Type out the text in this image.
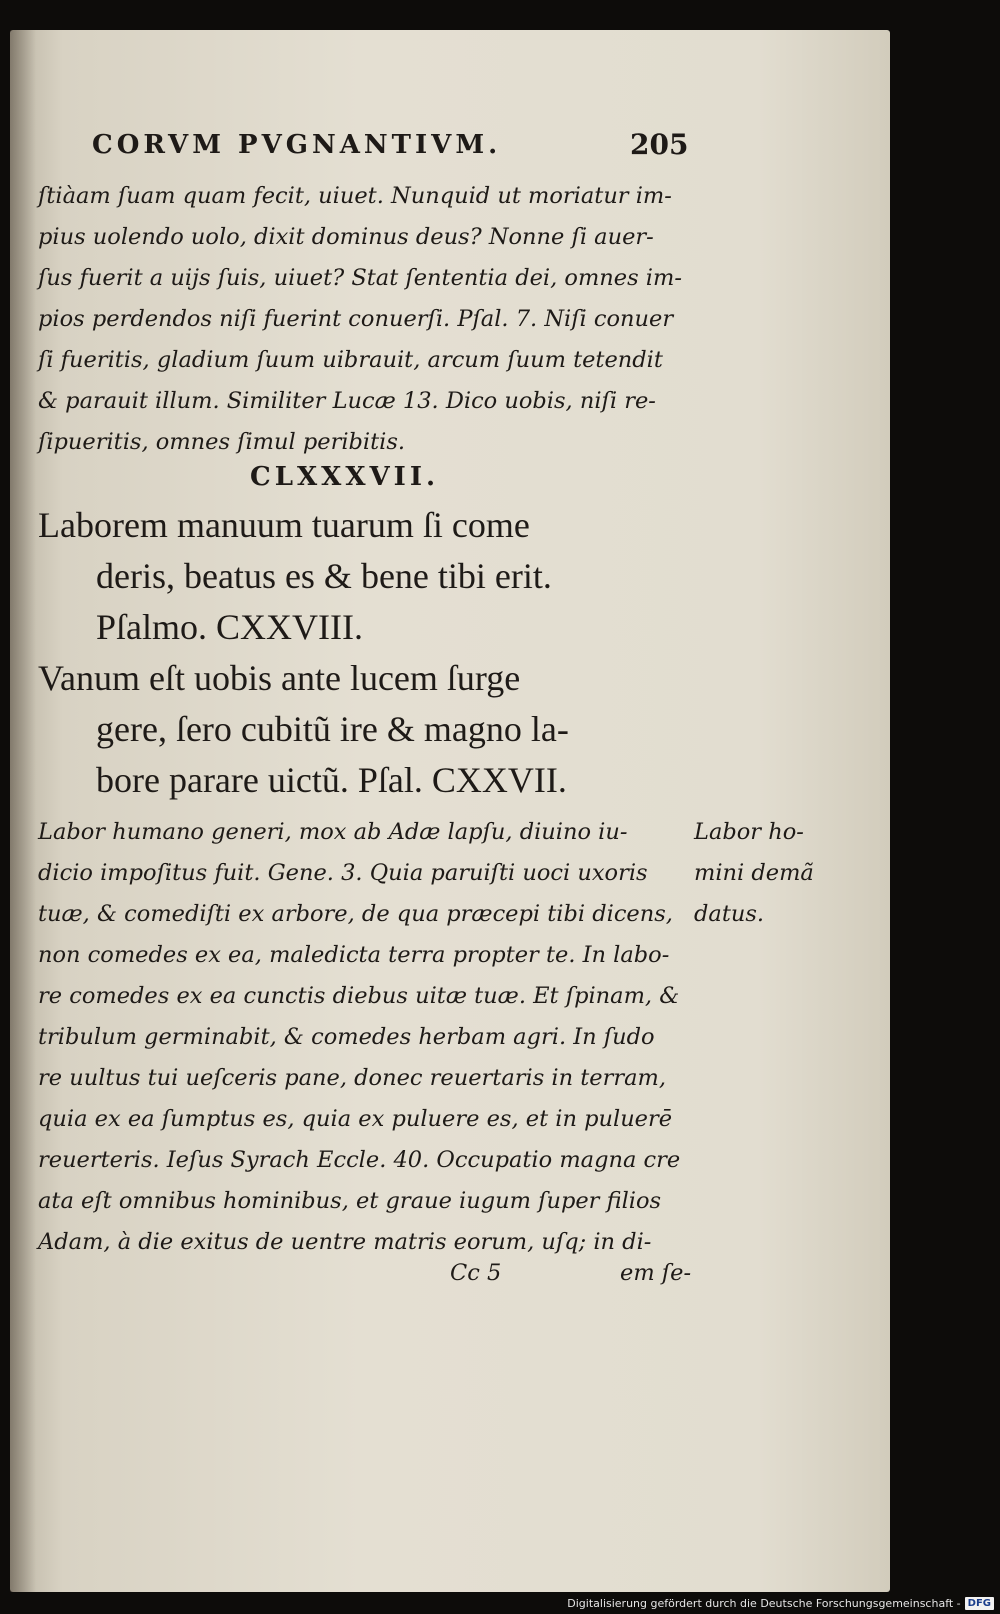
CORVM PVGNANTIVM.	205
ſtiàam ſuam quam fecit, uiuet. Nunquid ut moriatur im-
pius uolendo uolo, dixit dominus deus? Nonne ſi auer-
ſus fuerit a uijs ſuis, uiuet? Stat ſententia dei, omnes im-
pios perdendos niſi fuerint conuerſi. Pſal. 7. Niſi conuer
ſi fueritis, gladium ſuum uibrauit, arcum ſuum tetendit
& parauit illum. Similiter Lucæ 13. Dico uobis, niſi re-
ſipueritis, omnes ſimul peribitis.
CLXXXVII.
Laborem manuum tuarum ſi come
deris, beatus es & bene tibi erit.
Pſalmo. CXXVIII.
Vanum eſt uobis ante lucem ſurge
gere, ſero cubitũ ire & magno la-
bore parare uictũ. Pſal. CXXVII.
Labor humano generi, mox ab Adæ lapſu, diuino iu-
dicio impoſitus fuit. Gene. 3. Quia paruiſti uoci uxoris
tuæ, & comediſti ex arbore, de qua præcepi tibi dicens,
non comedes ex ea, maledicta terra propter te. In labo-
re comedes ex ea cunctis diebus uitæ tuæ. Et ſpinam, &
tribulum germinabit, & comedes herbam agri. In ſudo
re uultus tui ueſceris pane, donec reuertaris in terram,
quia ex ea ſumptus es, quia ex puluere es, et in puluerē
reuerteris. Ieſus Syrach Eccle. 40. Occupatio magna cre
ata eſt omnibus hominibus, et graue iugum ſuper filios
Adam, à die exitus de uentre matris eorum, uſq; in di-
Labor ho-
mini demã
datus.
Cc 5	em ſe-
Digitalisierung gefördert durch die Deutsche Forschungsgemeinschaft - DFG
